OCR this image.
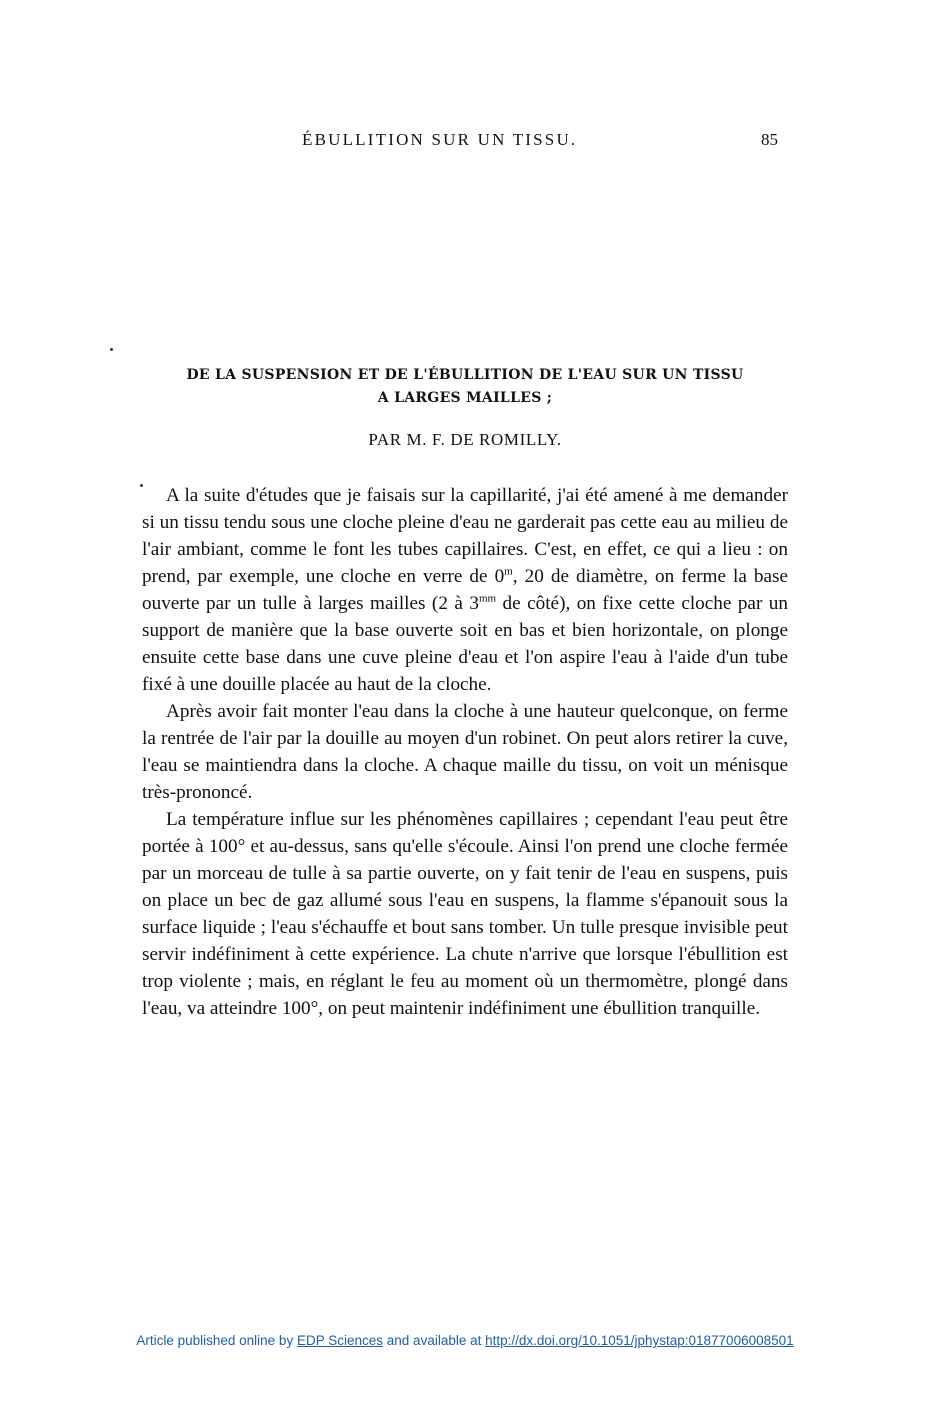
ÉBULLITION SUR UN TISSU.	85
DE LA SUSPENSION ET DE L'ÉBULLITION DE L'EAU SUR UN TISSU
A LARGES MAILLES ;
PAR M. F. DE ROMILLY.

A la suite d'études que je faisais sur la capillarité, j'ai été amené à me demander si un tissu tendu sous une cloche pleine d'eau ne garderait pas cette eau au milieu de l'air ambiant, comme le font les tubes capillaires. C'est, en effet, ce qui a lieu : on prend, par exemple, une cloche en verre de 0$^m$, 20 de diamètre, on ferme la base ouverte par un tulle à larges mailles (2 à $3^{mm}$ de côté), on fixe cette cloche par un support de manière que la base ouverte soit en bas et bien horizontale, on plonge ensuite cette base dans une cuve pleine d'eau et l'on aspire l'eau à l'aide d'un tube fixé à une douille placée au haut de la cloche.

Après avoir fait monter l'eau dans la cloche à une hauteur quelconque, on ferme la rentrée de l'air par la douille au moyen d'un robinet. On peut alors retirer la cuve, l'eau se maintiendra dans la cloche. A chaque maille du tissu, on voit un ménisque très-prononcé.

La température influe sur les phénomènes capillaires ; cependant l'eau peut être portée à 100° et au-dessus, sans qu'elle s'écoule. Ainsi l'on prend une cloche fermée par un morceau de tulle à sa partie ouverte, on y fait tenir de l'eau en suspens, puis on place un bec de gaz allumé sous l'eau en suspens, la flamme s'épanouit sous la surface liquide ; l'eau s'échauffe et bout sans tomber. Un tulle presque invisible peut servir indéfiniment à cette expérience. La chute n'arrive que lorsque l'ébullition est trop violente ; mais, en réglant le feu au moment où un thermomètre, plongé dans l'eau, va atteindre 100°, on peut maintenir indéfiniment une ébullition tranquille.

Article published online by EDP Sciences and available at http://dx.doi.org/10.1051/jphystap:01877006008501
